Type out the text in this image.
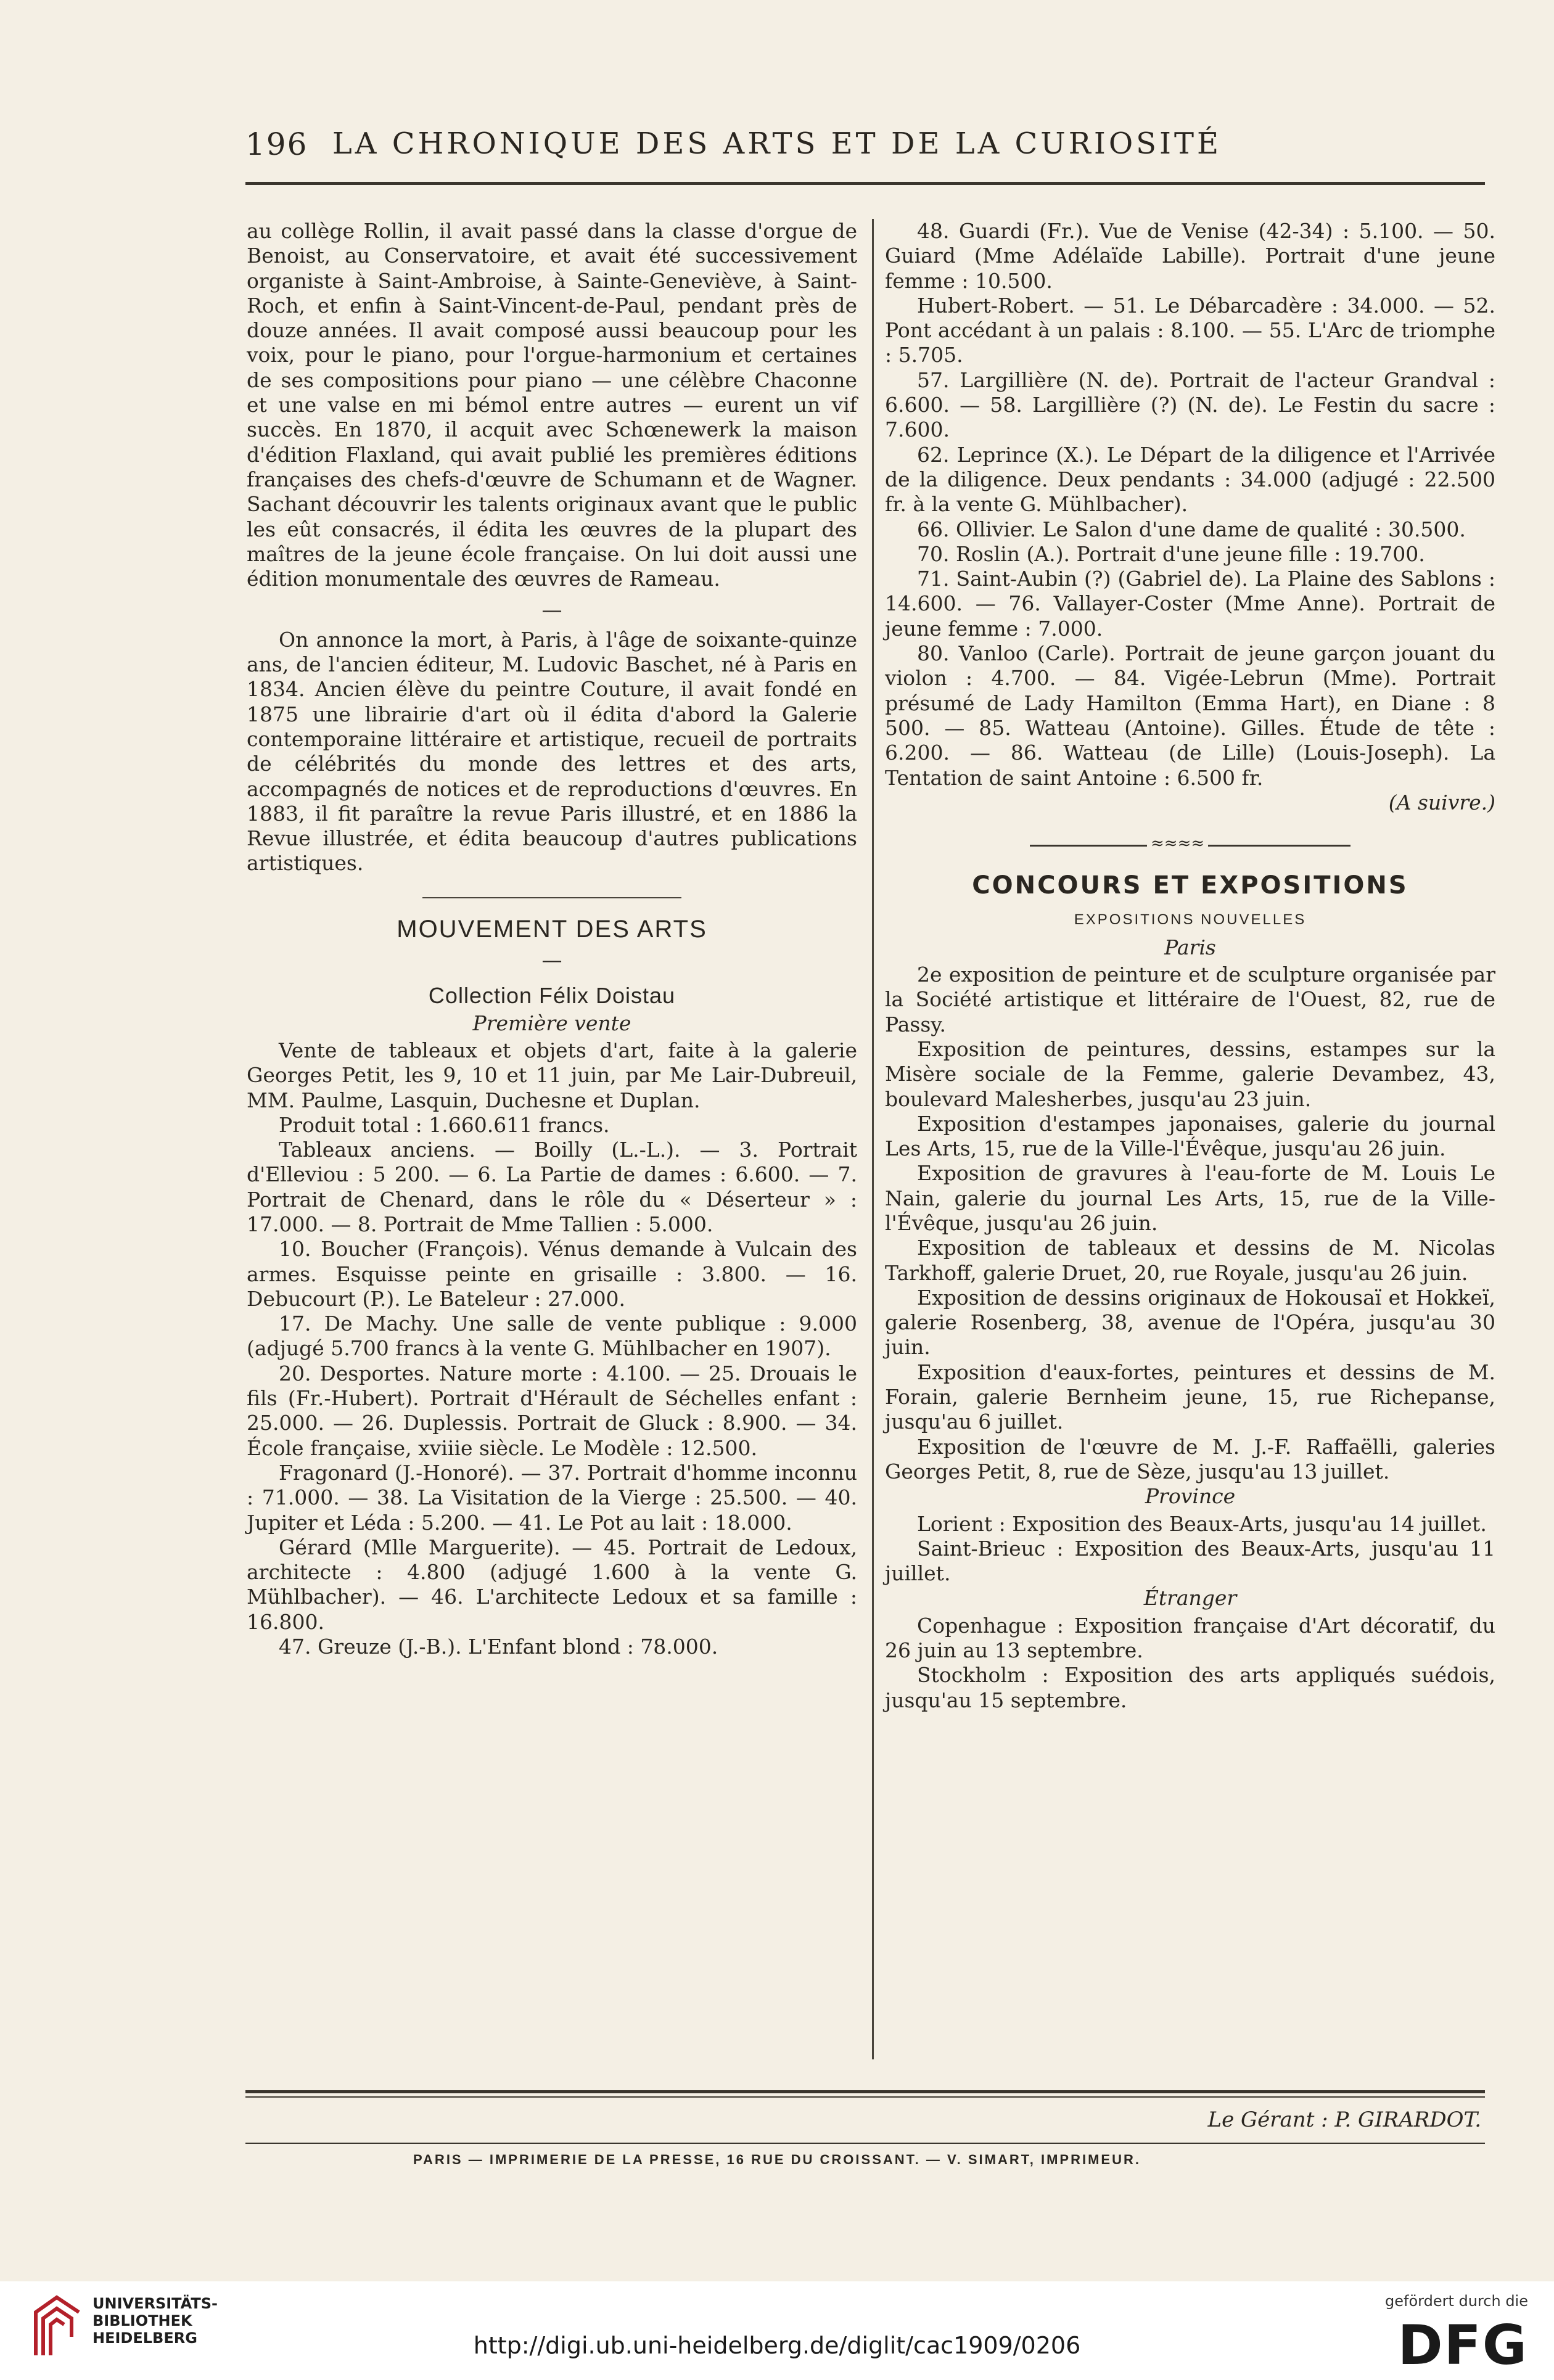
196 LA CHRONIQUE DES ARTS ET DE LA CURIOSITÉ

au collège Rollin, il avait passé dans la classe d'orgue de Benoist, au Conservatoire, et avait été successivement organiste à Saint-Ambroise, à Sainte-Geneviève, à Saint-Roch, et enfin à Saint-Vincent-de-Paul, pendant près de douze années. Il avait composé aussi beaucoup pour les voix, pour le piano, pour l'orgue-harmonium et certaines de ses compositions pour piano — une célèbre Chaconne et une valse en mi bémol entre autres — eurent un vif succès. En 1870, il acquit avec Schœnewerk la maison d'édition Flaxland, qui avait publié les premières éditions françaises des chefs-d'œuvre de Schumann et de Wagner. Sachant découvrir les talents originaux avant que le public les eût consacrés, il édita les œuvres de la plupart des maîtres de la jeune école française. On lui doit aussi une édition monumentale des œuvres de Rameau.

—

On annonce la mort, à Paris, à l'âge de soixante-quinze ans, de l'ancien éditeur, M. Ludovic Baschet, né à Paris en 1834. Ancien élève du peintre Couture, il avait fondé en 1875 une librairie d'art où il édita d'abord la Galerie contemporaine littéraire et artistique, recueil de portraits de célébrités du monde des lettres et des arts, accompagnés de notices et de reproductions d'œuvres. En 1883, il fit paraître la revue Paris illustré, et en 1886 la Revue illustrée, et édita beaucoup d'autres publications artistiques.

MOUVEMENT DES ARTS
—
Collection Félix Doistau
Première vente

Vente de tableaux et objets d'art, faite à la galerie Georges Petit, les 9, 10 et 11 juin, par Me Lair-Dubreuil, MM. Paulme, Lasquin, Duchesne et Duplan.

Produit total : 1.660.611 francs.

Tableaux anciens. — Boilly (L.-L.). — 3. Portrait d'Elleviou : 5 200. — 6. La Partie de dames : 6.600. — 7. Portrait de Chenard, dans le rôle du « Déserteur » : 17.000. — 8. Portrait de Mme Tallien : 5.000.

10. Boucher (François). Vénus demande à Vulcain des armes. Esquisse peinte en grisaille : 3.800. — 16. Debucourt (P.). Le Bateleur : 27.000.

17. De Machy. Une salle de vente publique : 9.000 (adjugé 5.700 francs à la vente G. Mühlbacher en 1907).

20. Desportes. Nature morte : 4.100. — 25. Drouais le fils (Fr.-Hubert). Portrait d'Hérault de Séchelles enfant : 25.000. — 26. Duplessis. Portrait de Gluck : 8.900. — 34. École française, xviiie siècle. Le Modèle : 12.500.

Fragonard (J.-Honoré). — 37. Portrait d'homme inconnu : 71.000. — 38. La Visitation de la Vierge : 25.500. — 40. Jupiter et Léda : 5.200. — 41. Le Pot au lait : 18.000.

Gérard (Mlle Marguerite). — 45. Portrait de Ledoux, architecte : 4.800 (adjugé 1.600 à la vente G. Mühlbacher). — 46. L'architecte Ledoux et sa famille : 16.800.

47. Greuze (J.-B.). L'Enfant blond : 78.000.

48. Guardi (Fr.). Vue de Venise (42-34) : 5.100. — 50. Guiard (Mme Adélaïde Labille). Portrait d'une jeune femme : 10.500.

Hubert-Robert. — 51. Le Débarcadère : 34.000. — 52. Pont accédant à un palais : 8.100. — 55. L'Arc de triomphe : 5.705.

57. Largillière (N. de). Portrait de l'acteur Grandval : 6.600. — 58. Largillière (?) (N. de). Le Festin du sacre : 7.600.

62. Leprince (X.). Le Départ de la diligence et l'Arrivée de la diligence. Deux pendants : 34.000 (adjugé : 22.500 fr. à la vente G. Mühlbacher).

66. Ollivier. Le Salon d'une dame de qualité : 30.500.

70. Roslin (A.). Portrait d'une jeune fille : 19.700.

71. Saint-Aubin (?) (Gabriel de). La Plaine des Sablons : 14.600. — 76. Vallayer-Coster (Mme Anne). Portrait de jeune femme : 7.000.

80. Vanloo (Carle). Portrait de jeune garçon jouant du violon : 4.700. — 84. Vigée-Lebrun (Mme). Portrait présumé de Lady Hamilton (Emma Hart), en Diane : 8 500. — 85. Watteau (Antoine). Gilles. Étude de tête : 6.200. — 86. Watteau (de Lille) (Louis-Joseph). La Tentation de saint Antoine : 6.500 fr.

(A suivre.)

≈≈≈≈
CONCOURS ET EXPOSITIONS
EXPOSITIONS NOUVELLES
Paris

2e exposition de peinture et de sculpture organisée par la Société artistique et littéraire de l'Ouest, 82, rue de Passy.

Exposition de peintures, dessins, estampes sur la Misère sociale de la Femme, galerie Devambez, 43, boulevard Malesherbes, jusqu'au 23 juin.

Exposition d'estampes japonaises, galerie du journal Les Arts, 15, rue de la Ville-l'Évêque, jusqu'au 26 juin.

Exposition de gravures à l'eau-forte de M. Louis Le Nain, galerie du journal Les Arts, 15, rue de la Ville-l'Évêque, jusqu'au 26 juin.

Exposition de tableaux et dessins de M. Nicolas Tarkhoff, galerie Druet, 20, rue Royale, jusqu'au 26 juin.

Exposition de dessins originaux de Hokousaï et Hokkeï, galerie Rosenberg, 38, avenue de l'Opéra, jusqu'au 30 juin.

Exposition d'eaux-fortes, peintures et dessins de M. Forain, galerie Bernheim jeune, 15, rue Richepanse, jusqu'au 6 juillet.

Exposition de l'œuvre de M. J.-F. Raffaëlli, galeries Georges Petit, 8, rue de Sèze, jusqu'au 13 juillet.

Province

Lorient : Exposition des Beaux-Arts, jusqu'au 14 juillet.

Saint-Brieuc : Exposition des Beaux-Arts, jusqu'au 11 juillet.

Étranger

Copenhague : Exposition française d'Art décoratif, du 26 juin au 13 septembre.

Stockholm : Exposition des arts appliqués suédois, jusqu'au 15 septembre.

Le Gérant : P. GIRARDOT.
PARIS — IMPRIMERIE DE LA PRESSE, 16 RUE DU CROISSANT. — V. SIMART, IMPRIMEUR.
UNIVERSITÄTS-
BIBLIOTHEK
HEIDELBERG	http://digi.ub.uni-heidelberg.de/diglit/cac1909/0206
gefördert durch die
DFG
